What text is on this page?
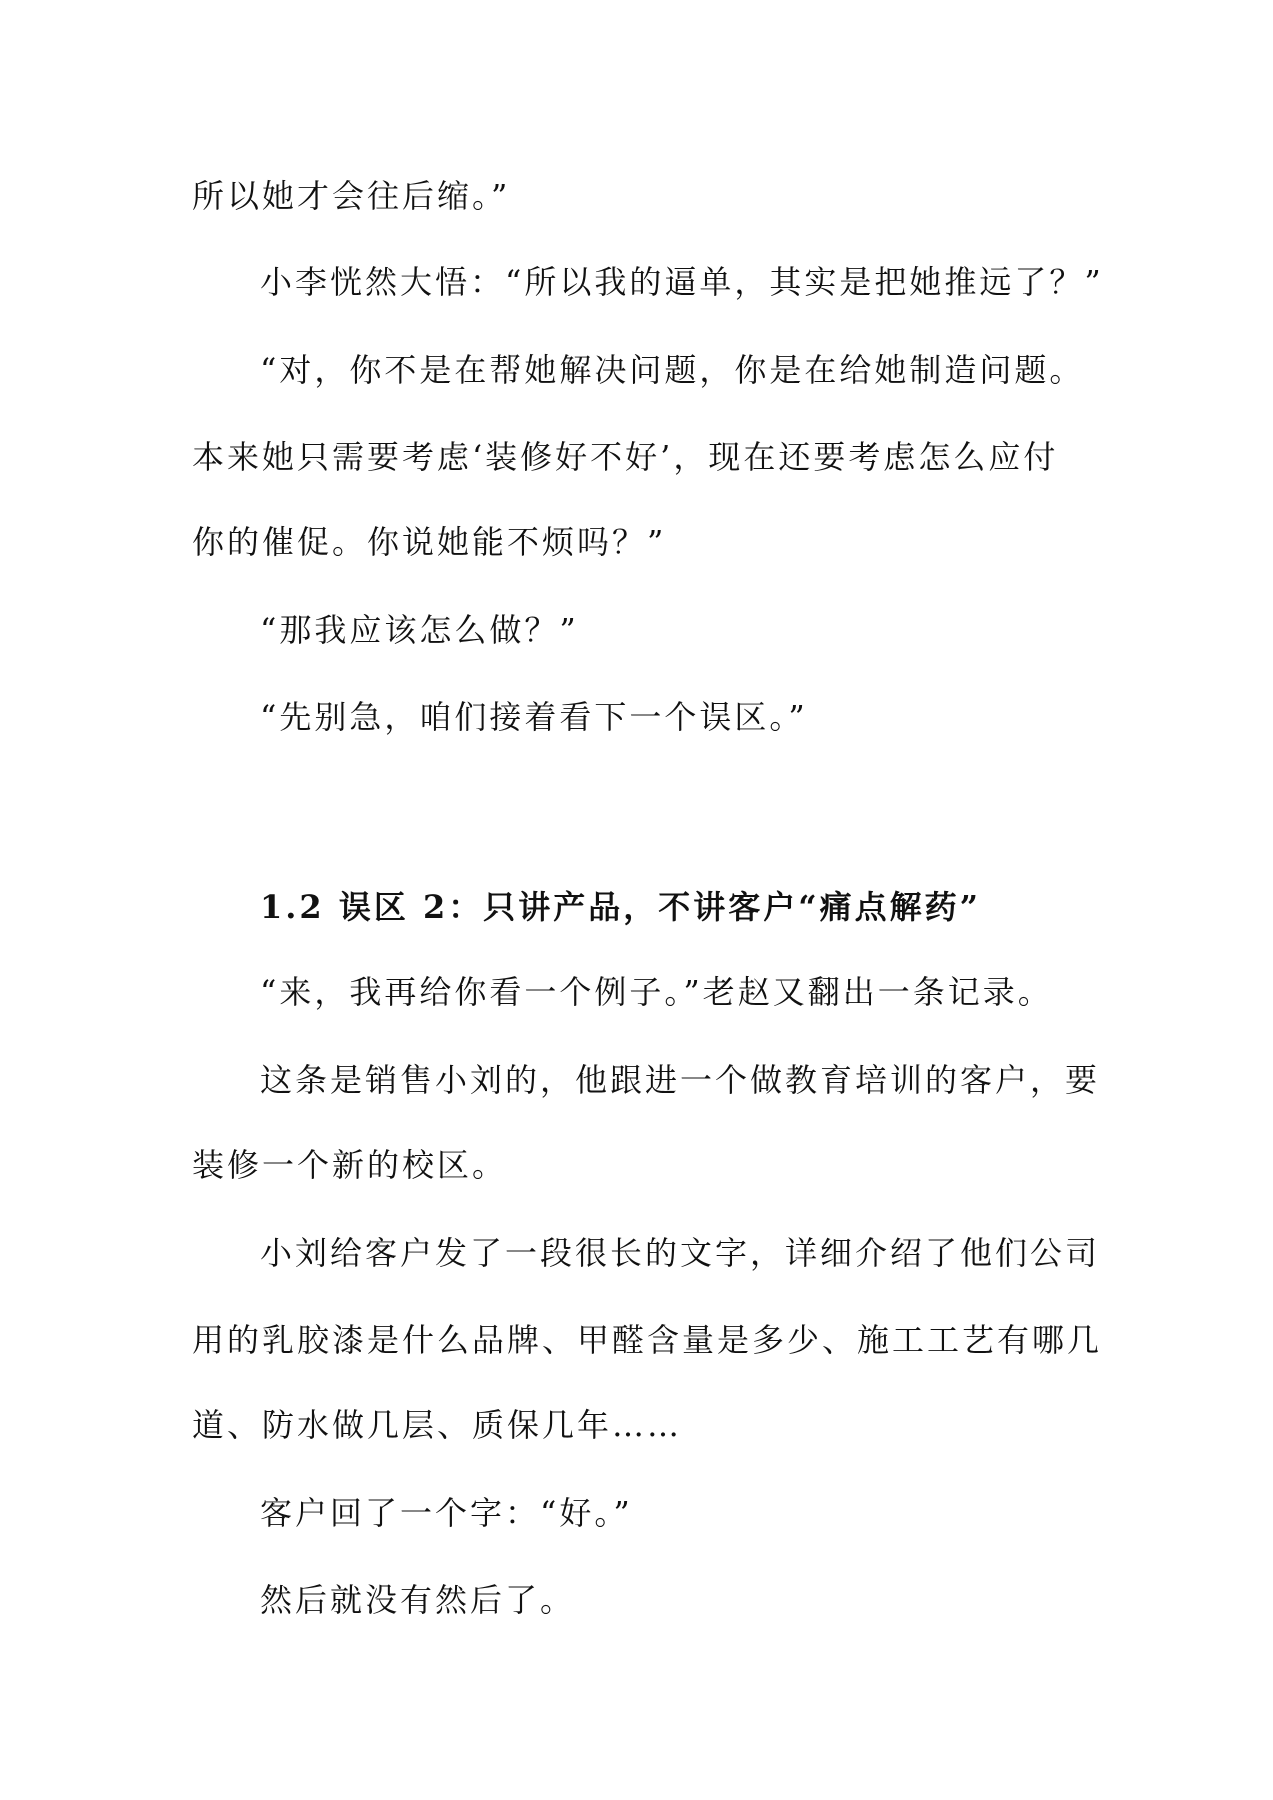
所以她才会往后缩。”
小李恍然大悟：“所以我的逼单，其实是把她推远了？”
“对，你不是在帮她解决问题，你是在给她制造问题。
本来她只需要考虑‘装修好不好’，现在还要考虑怎么应付
你的催促。你说她能不烦吗？”
“那我应该怎么做？”
“先别急，咱们接着看下一个误区。”
1.2 误区 2：只讲产品，不讲客户“痛点解药”
“来，我再给你看一个例子。”老赵又翻出一条记录。
这条是销售小刘的，他跟进一个做教育培训的客户，要
装修一个新的校区。
小刘给客户发了一段很长的文字，详细介绍了他们公司
用的乳胶漆是什么品牌、甲醛含量是多少、施工工艺有哪几
道、防水做几层、质保几年……
客户回了一个字：“好。”
然后就没有然后了。
